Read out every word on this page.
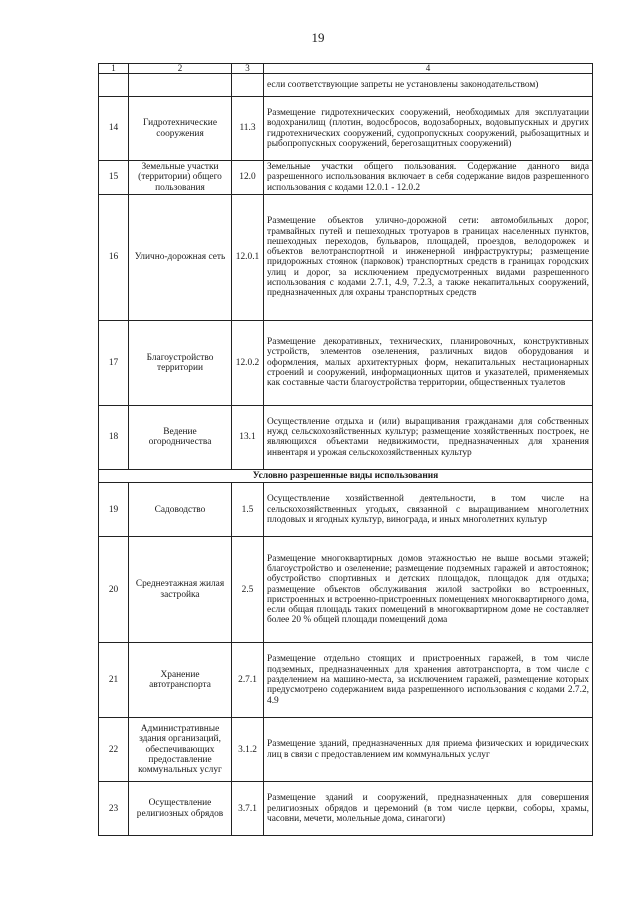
19
1	2	3	4
			если соответствующие запреты не установлены законодательством)
14	Гидротехнические сооружения	11.3	Размещение гидротехнических сооружений, необходимых для эксплуатации водохранилищ (плотин, водосбросов, водозаборных, водовыпускных и других гидротехнических сооружений, судопропускных сооружений, рыбозащитных и рыбопропускных сооружений, берегозащитных сооружений)
15	Земельные участки (территории) общего пользования	12.0	Земельные участки общего пользования. Содержание данного вида разрешенного использования включает в себя содержание видов разрешенного использования с кодами 12.0.1 - 12.0.2
16	Улично-дорожная сеть	12.0.1	Размещение объектов улично-дорожной сети: автомобильных дорог, трамвайных путей и пешеходных тротуаров в границах населенных пунктов, пешеходных переходов, бульваров, площадей, проездов, велодорожек и объектов велотранспортной и инженерной инфраструктуры; размещение придорожных стоянок (парковок) транспортных средств в границах городских улиц и дорог, за исключением предусмотренных видами разрешенного использования с кодами 2.7.1, 4.9, 7.2.3, а также некапитальных сооружений, предназначенных для охраны транспортных средств
17	Благоустройство территории	12.0.2	Размещение декоративных, технических, планировочных, конструктивных устройств, элементов озеленения, различных видов оборудования и оформления, малых архитектурных форм, некапитальных нестационарных строений и сооружений, информационных щитов и указателей, применяемых как составные части благоустройства территории, общественных туалетов
18	Ведение огородничества	13.1	Осуществление отдыха и (или) выращивания гражданами для собственных нужд сельскохозяйственных культур; размещение хозяйственных построек, не являющихся объектами недвижимости, предназначенных для хранения инвентаря и урожая сельскохозяйственных культур
Условно разрешенные виды использования			
19	Садоводство	1.5	Осуществление хозяйственной деятельности, в том числе на сельскохозяйственных угодьях, связанной с выращиванием многолетних плодовых и ягодных культур, винограда, и иных многолетних культур
20	Среднеэтажная жилая застройка	2.5	Размещение многоквартирных домов этажностью не выше восьми этажей; благоустройство и озеленение; размещение подземных гаражей и автостоянок; обустройство спортивных и детских площадок, площадок для отдыха; размещение объектов обслуживания жилой застройки во встроенных, пристроенных и встроенно-пристроенных помещениях многоквартирного дома, если общая площадь таких помещений в многоквартирном доме не составляет более 20 % общей площади помещений дома
21	Хранение автотранспорта	2.7.1	Размещение отдельно стоящих и пристроенных гаражей, в том числе подземных, предназначенных для хранения автотранспорта, в том числе с разделением на машино-места, за исключением гаражей, размещение которых предусмотрено содержанием вида разрешенного использования с кодами 2.7.2, 4.9
22	Административные здания организаций, обеспечивающих предоставление коммунальных услуг	3.1.2	Размещение зданий, предназначенных для приема физических и юридических лиц в связи с предоставлением им коммунальных услуг
23	Осуществление религиозных обрядов	3.7.1	Размещение зданий и сооружений, предназначенных для совершения религиозных обрядов и церемоний (в том числе церкви, соборы, храмы, часовни, мечети, молельные дома, синагоги)
